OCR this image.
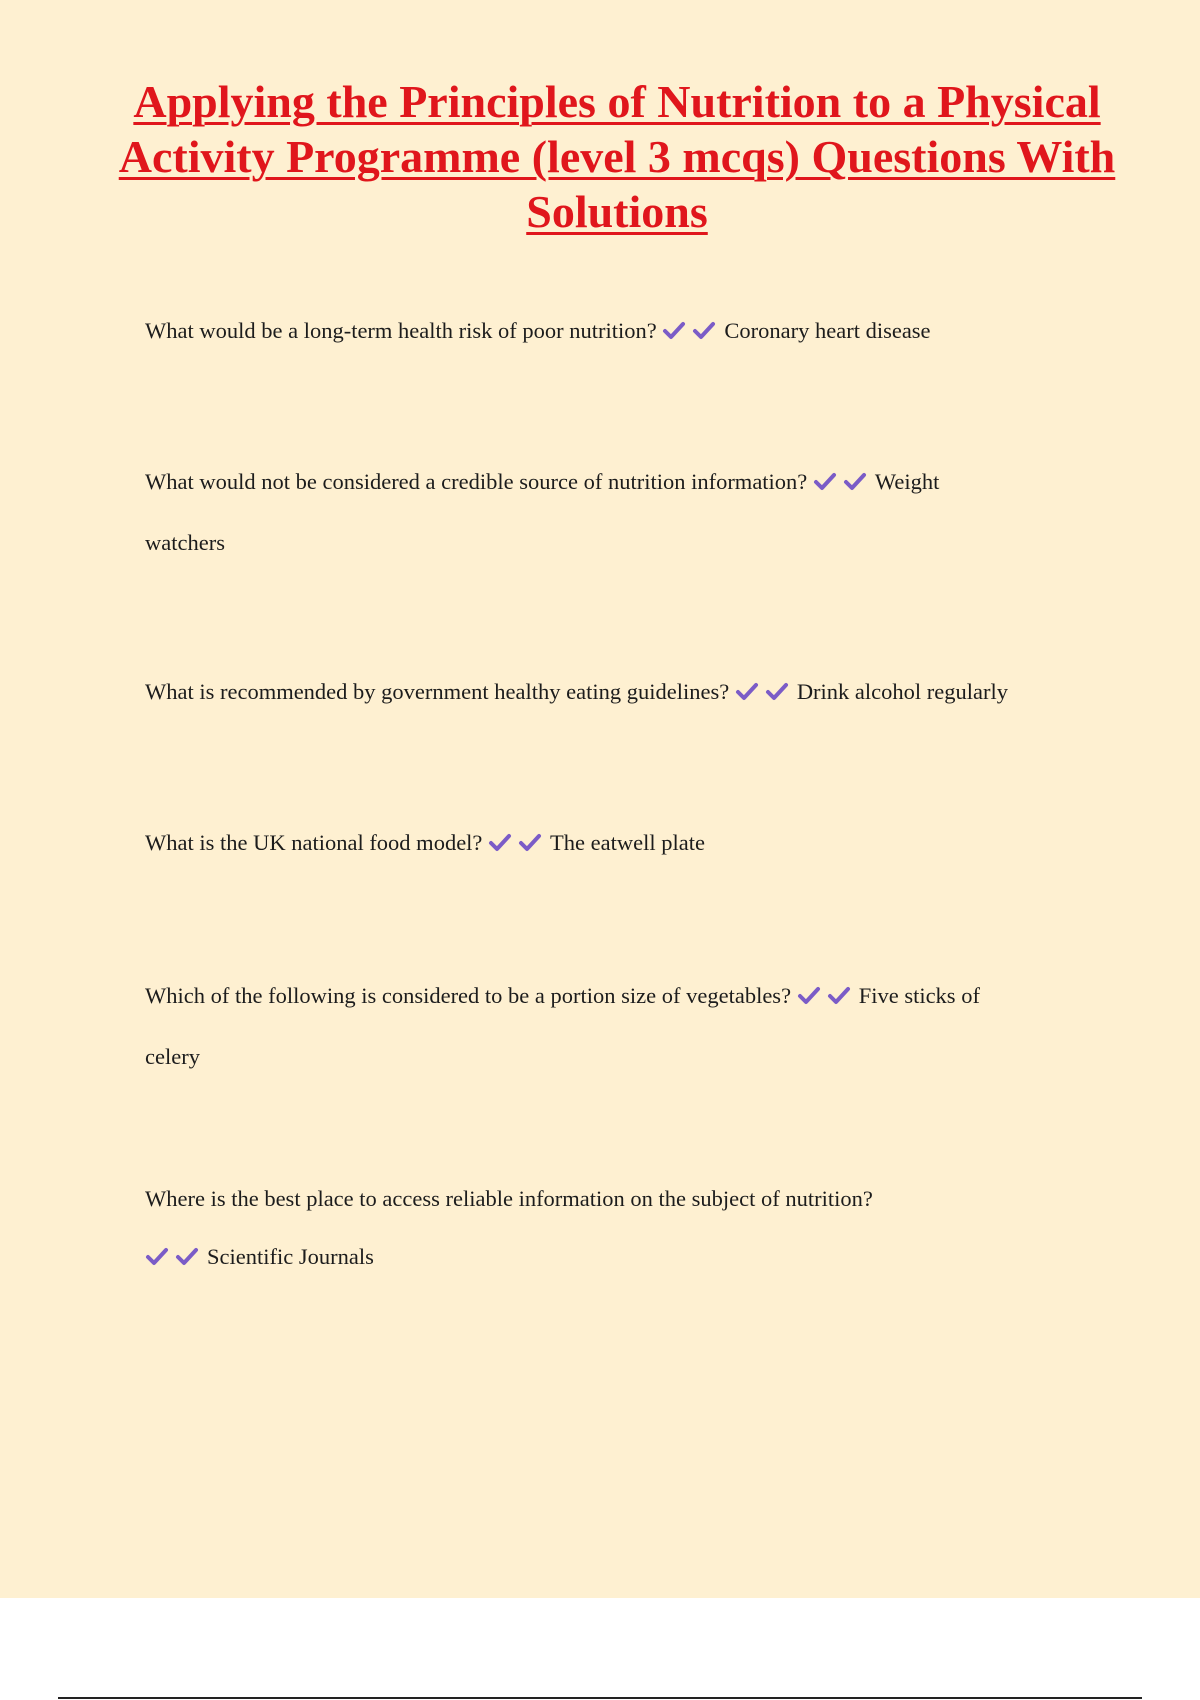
Applying the Principles of Nutrition to a Physical Activity Programme (level 3 mcqs) Questions With Solutions
What would be a long-term health risk of poor nutrition?	Coronary heart disease
What would not be considered a credible source of nutrition information?	Weight
watchers
What is recommended by government healthy eating guidelines?	Drink alcohol regularly
What is the UK national food model?	The eatwell plate
Which of the following is considered to be a portion size of vegetables?	Five sticks of
celery
Where is the best place to access reliable information on the subject of nutrition?
Scientific Journals
